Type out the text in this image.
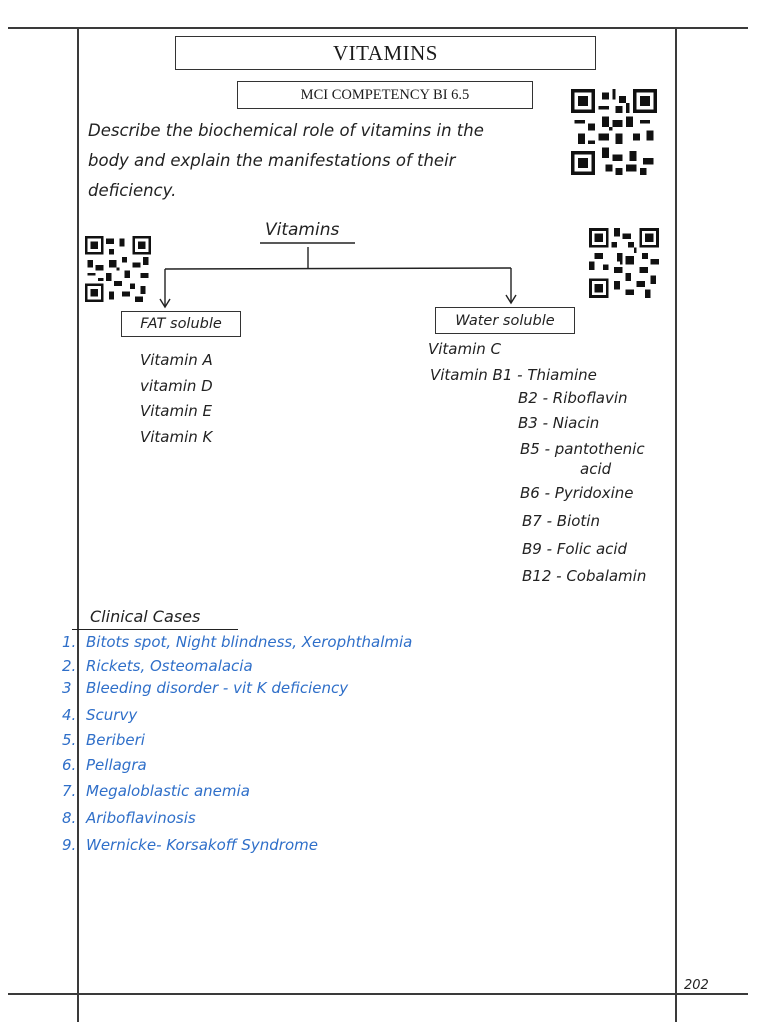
VITAMINS
MCI COMPETENCY BI 6.5
Describe the biochemical role of vitamins in the
body and explain the manifestations of their
deficiency.
Vitamins
FAT soluble	Water soluble
Vitamin A
vitamin D
Vitamin E
Vitamin K
Vitamin C
Vitamin B1 - Thiamine
B2 - Riboflavin
B3 - Niacin
B5 - pantothenic
acid
B6 - Pyridoxine
B7 - Biotin
B9 - Folic acid
B12 - Cobalamin
Clinical Cases
1. Bitots spot, Night blindness, Xerophthalmia
2. Rickets, Osteomalacia
3 Bleeding disorder - vit K deficiency
4. Scurvy
5. Beriberi
6. Pellagra
7. Megaloblastic anemia
8. Ariboflavinosis
9. Wernicke- Korsakoff Syndrome
202
